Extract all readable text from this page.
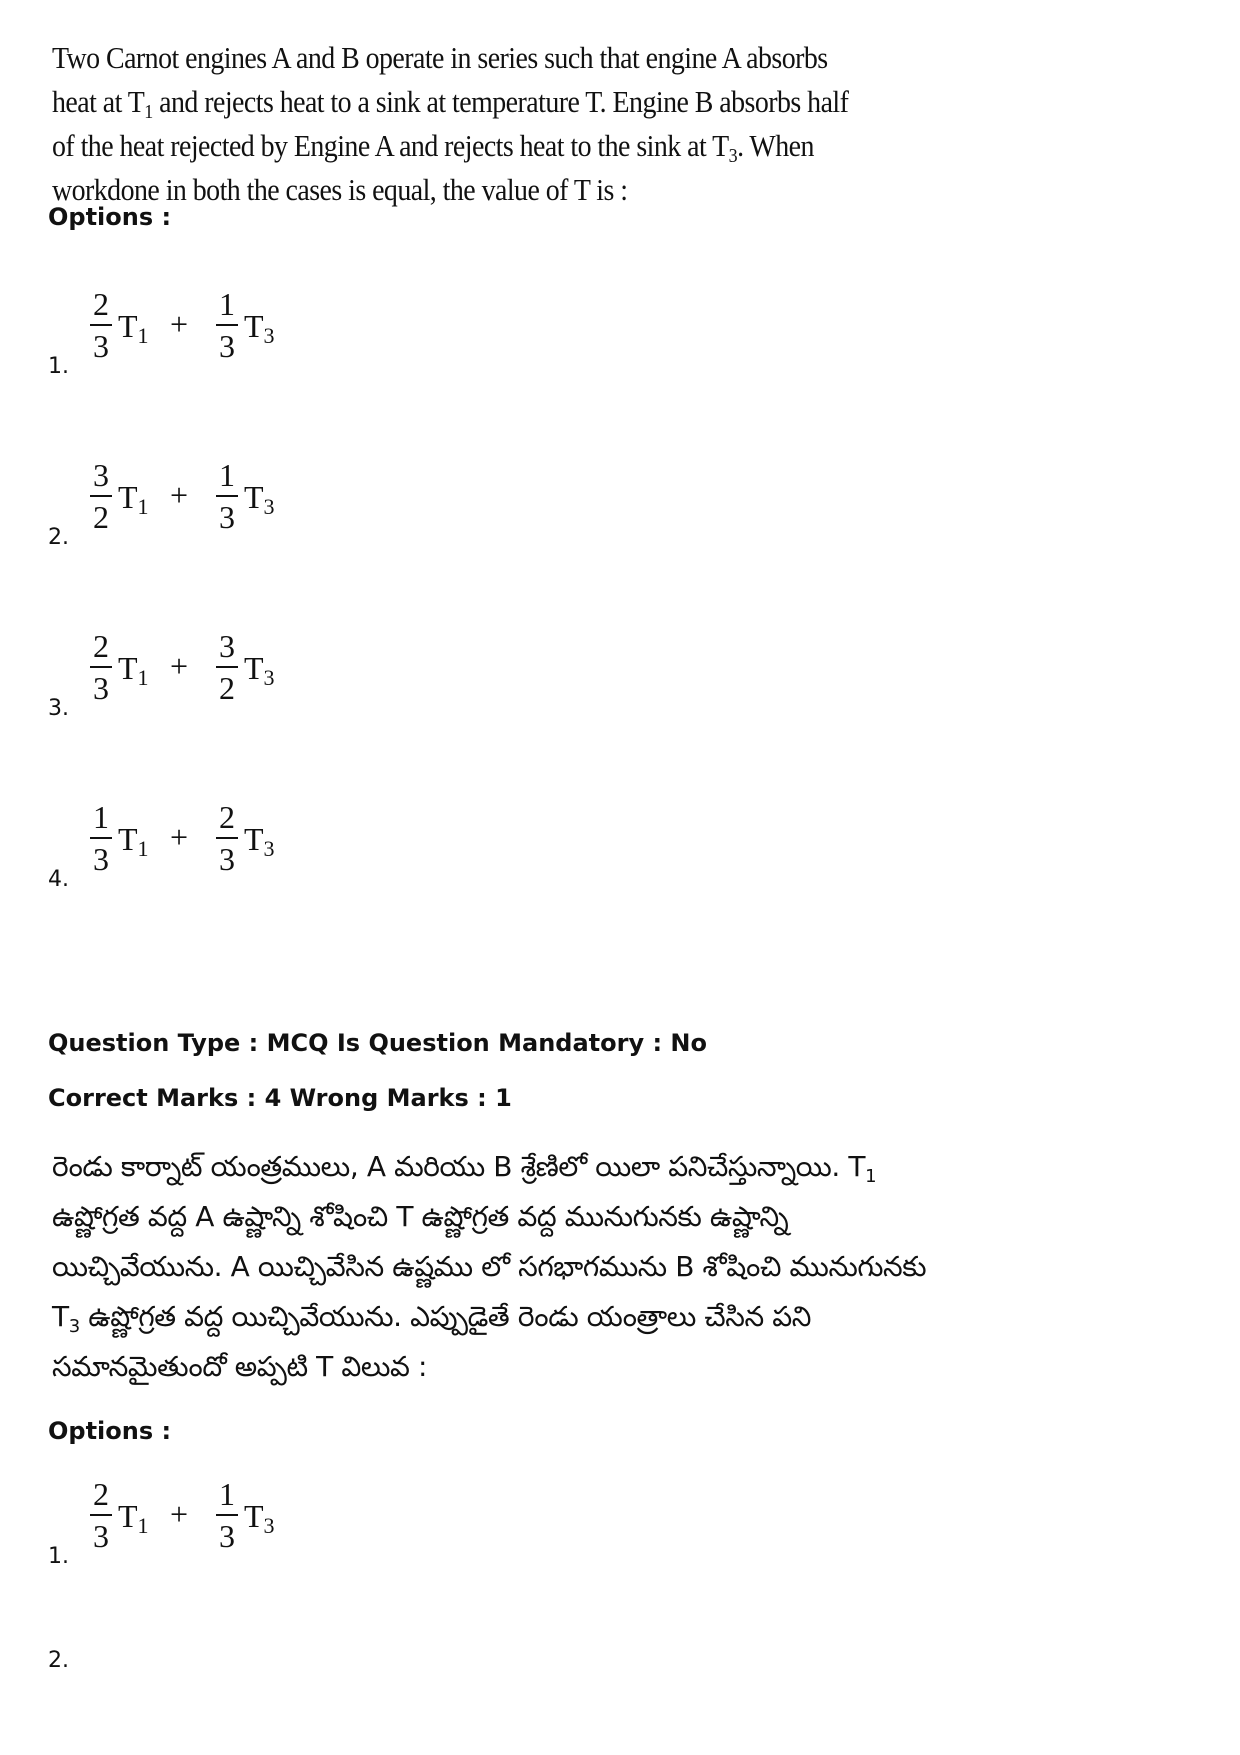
Two Carnot engines A and B operate in series such that engine A absorbs heat at $T_1$ and rejects heat to a sink at temperature T. Engine B absorbs half of the heat rejected by Engine A and rejects heat to the sink at $T_3$. When workdone in both the cases is equal, the value of T is :
Options :
1.
2
3
$T_1$ +
1
3
$T_3$
2.
3
2
$T_1$ +
1
3
$T_3$
3.
2
3
$T_1$ +
3
2
$T_3$
4.
1
3
$T_1$ +
2
3
$T_3$
Question Type : MCQ Is Question Mandatory : No
Correct Marks : 4 Wrong Marks : 1
రెండు కార్నాట్ యంత్రములు, A మరియు B శ్రేణిలో యిలా పనిచేస్తున్నాయి. $T_1$ ఉష్ణోగ్రత వద్ద A ఉష్ణాన్ని శోషించి T ఉష్ణోగ్రత వద్ద మునుగునకు ఉష్ణాన్ని యిచ్చివేయును. A యిచ్చివేసిన ఉష్ణము లో సగభాగమును B శోషించి మునుగునకు $T_3$ ఉష్ణోగ్రత వద్ద యిచ్చివేయును. ఎప్పుడైతే రెండు యంత్రాలు చేసిన పని సమానమైతుందో అప్పటి T విలువ :
Options :
1.
2
3
$T_1$ +
1
3
$T_3$
2.
